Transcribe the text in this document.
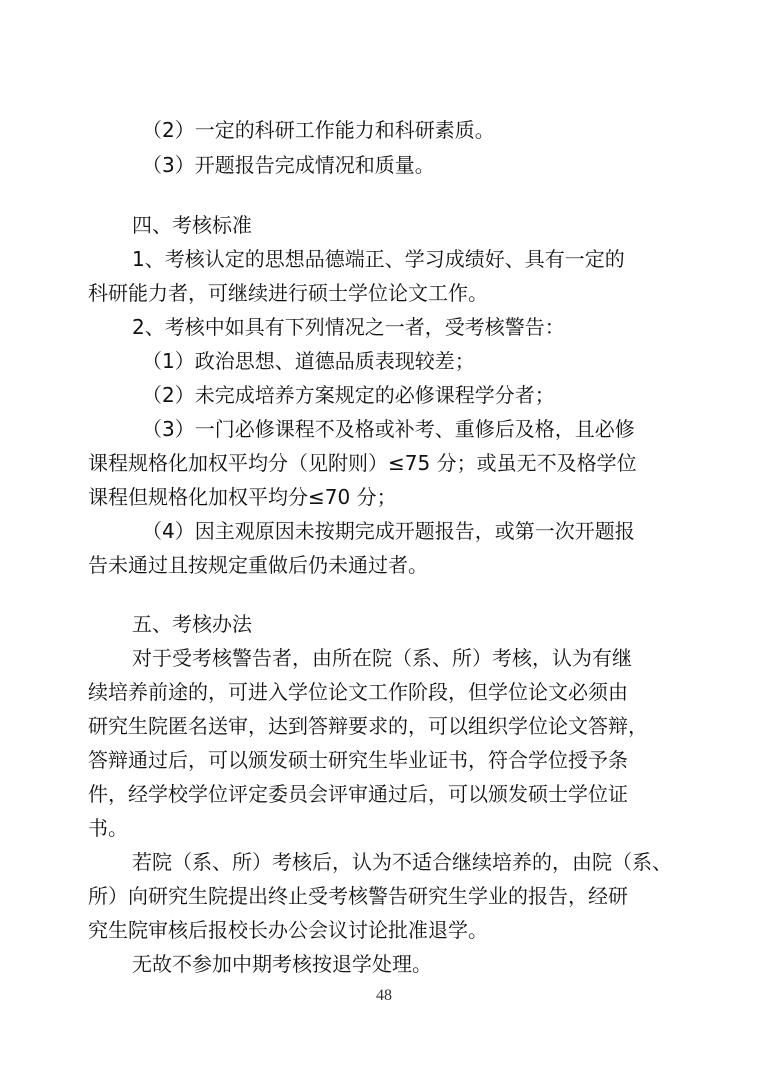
（2）一定的科研工作能力和科研素质。
（3）开题报告完成情况和质量。
四、考核标准
1、考核认定的思想品德端正、学习成绩好、具有一定的
科研能力者，可继续进行硕士学位论文工作。
2、考核中如具有下列情况之一者，受考核警告：
（1）政治思想、道德品质表现较差；
（2）未完成培养方案规定的必修课程学分者；
（3）一门必修课程不及格或补考、重修后及格，且必修
课程规格化加权平均分（见附则）≤75 分；或虽无不及格学位
课程但规格化加权平均分≤70 分；
（4）因主观原因未按期完成开题报告，或第一次开题报
告未通过且按规定重做后仍未通过者。
五、考核办法
对于受考核警告者，由所在院（系、所）考核，认为有继
续培养前途的，可进入学位论文工作阶段，但学位论文必须由
研究生院匿名送审，达到答辩要求的，可以组织学位论文答辩，
答辩通过后，可以颁发硕士研究生毕业证书，符合学位授予条
件，经学校学位评定委员会评审通过后，可以颁发硕士学位证
书。
若院（系、所）考核后，认为不适合继续培养的，由院（系、
所）向研究生院提出终止受考核警告研究生学业的报告，经研
究生院审核后报校长办公会议讨论批准退学。
无故不参加中期考核按退学处理。
48
